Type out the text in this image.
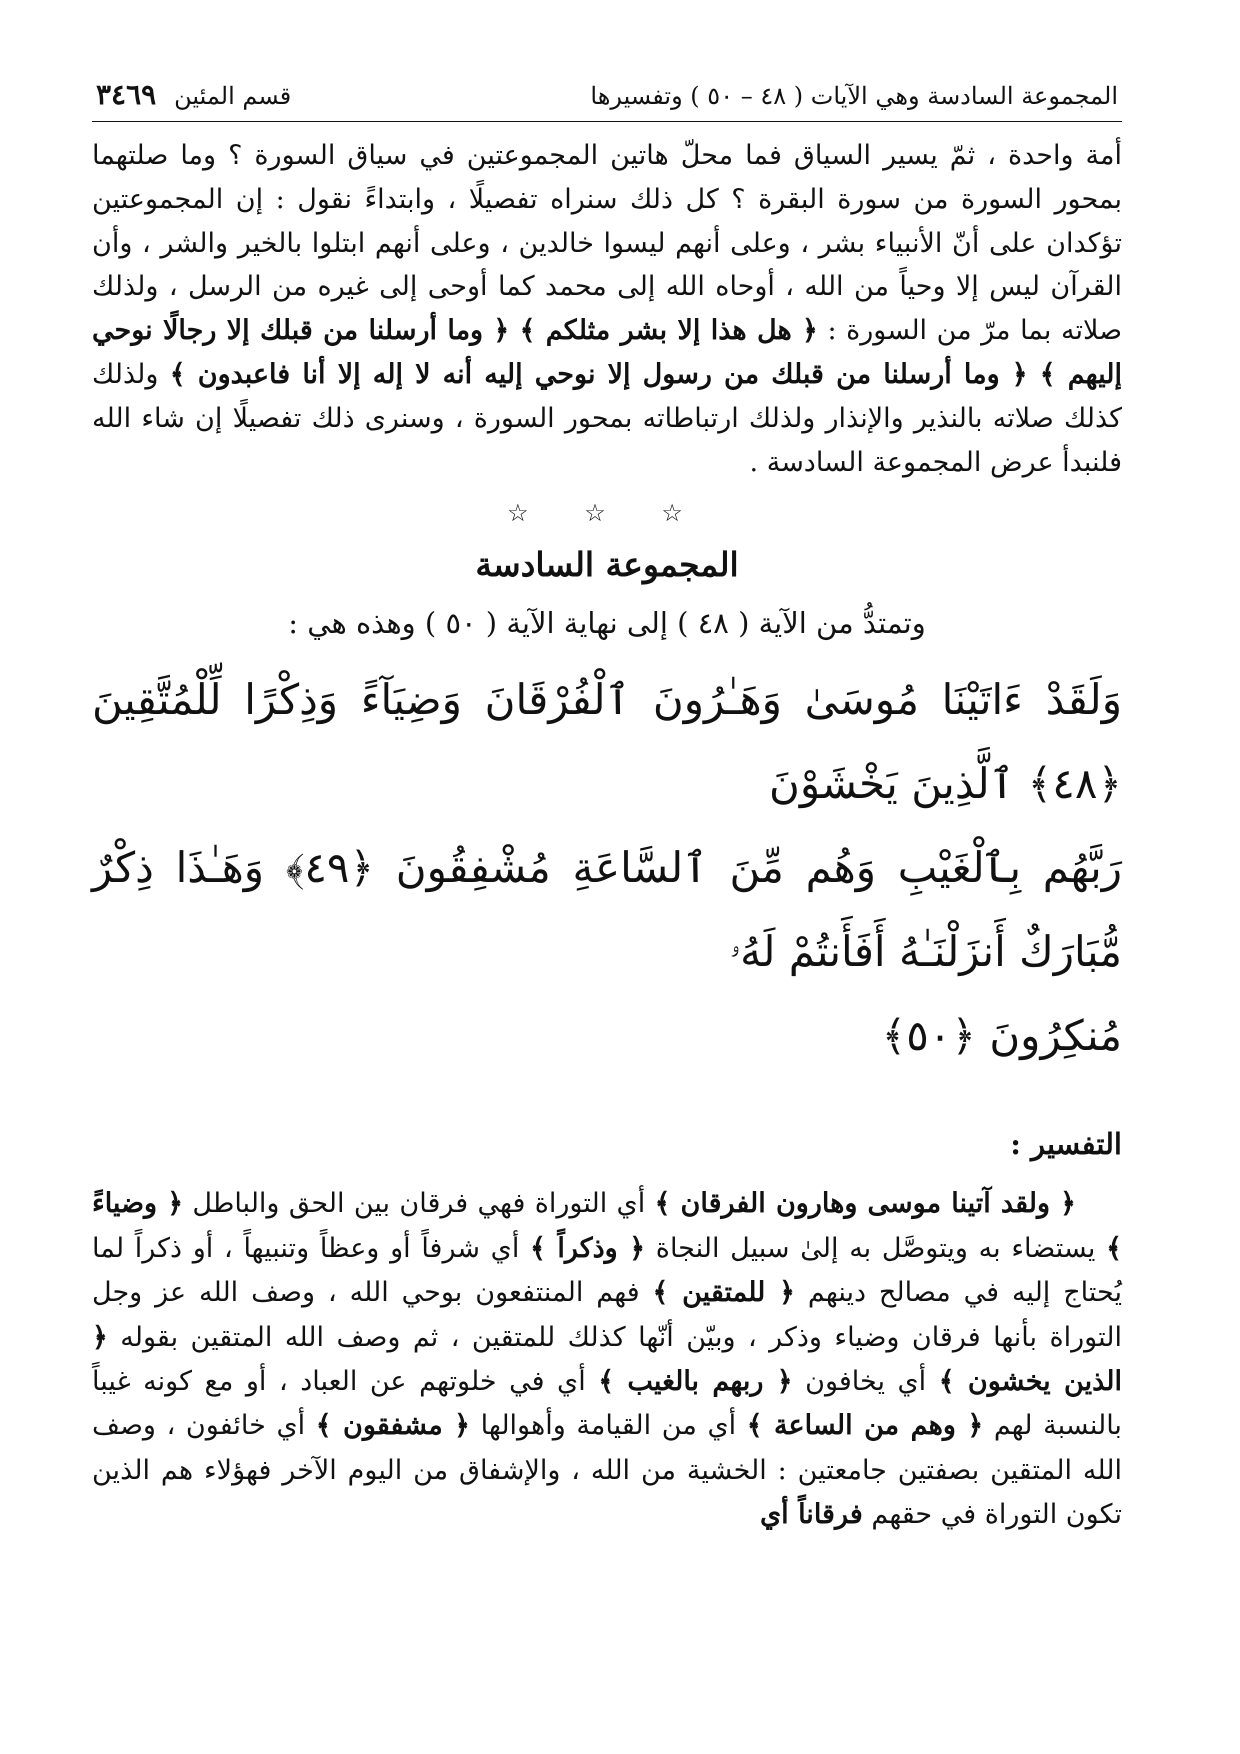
المجموعة السادسة وهي الآيات ( ٤٨ – ٥٠ ) وتفسيرها
قسم المئين
٣٤٦٩

أمة واحدة ، ثمّ يسير السياق فما محلّ هاتين المجموعتين في سياق السورة ؟ وما صلتهما بمحور السورة من سورة البقرة ؟ كل ذلك سنراه تفصيلًا ، وابتداءً نقول : إن المجموعتين تؤكدان على أنّ الأنبياء بشر ، وعلى أنهم ليسوا خالدين ، وعلى أنهم ابتلوا بالخير والشر ، وأن القرآن ليس إلا وحياً من الله ، أوحاه الله إلى محمد كما أوحى إلى غيره من الرسل ، ولذلك صلاته بما مرّ من السورة : ﴿ هل هذا إلا بشر مثلكم ﴾ ﴿ وما أرسلنا من قبلك إلا رجالًا نوحي إليهم ﴾ ﴿ وما أرسلنا من قبلك من رسول إلا نوحي إليه أنه لا إله إلا أنا فاعبدون ﴾ ولذلك كذلك صلاته بالنذير والإنذار ولذلك ارتباطاته بمحور السورة ، وسنرى ذلك تفصيلًا إن شاء الله فلنبدأ عرض المجموعة السادسة .

☆ ☆ ☆
المجموعة السادسة
وتمتدُّ من الآية ( ٤٨ ) إلى نهاية الآية ( ٥٠ ) وهذه هي :
وَلَقَدْ ءَاتَيْنَا مُوسَىٰ وَهَـٰرُونَ ٱلْفُرْقَانَ وَضِيَآءً وَذِكْرًا لِّلْمُتَّقِينَ ﴿٤٨﴾ ٱلَّذِينَ يَخْشَوْنَ
رَبَّهُم بِٱلْغَيْبِ وَهُم مِّنَ ٱلسَّاعَةِ مُشْفِقُونَ ﴿٤٩﴾ وَهَـٰذَا ذِكْرٌ مُّبَارَكٌ أَنزَلْنَـٰهُ أَفَأَنتُمْ لَهُۥ
مُنكِرُونَ ﴿٥٠﴾
التفسير :

﴿ ولقد آتينا موسى وهارون الفرقان ﴾ أي التوراة فهي فرقان بين الحق والباطل ﴿ وضياءً ﴾ يستضاء به ويتوصَّل به إلىٰ سبيل النجاة ﴿ وذكراً ﴾ أي شرفاً أو وعظاً وتنبيهاً ، أو ذكراً لما يُحتاج إليه في مصالح دينهم ﴿ للمتقين ﴾ فهم المنتفعون بوحي الله ، وصف الله عز وجل التوراة بأنها فرقان وضياء وذكر ، وبيّن أنّها كذلك للمتقين ، ثم وصف الله المتقين بقوله ﴿ الذين يخشون ﴾ أي يخافون ﴿ ربهم بالغيب ﴾ أي في خلوتهم عن العباد ، أو مع كونه غيباً بالنسبة لهم ﴿ وهم من الساعة ﴾ أي من القيامة وأهوالها ﴿ مشفقون ﴾ أي خائفون ، وصف الله المتقين بصفتين جامعتين : الخشية من الله ، والإشفاق من اليوم الآخر فهؤلاء هم الذين تكون التوراة في حقهم فرقاناً أي
